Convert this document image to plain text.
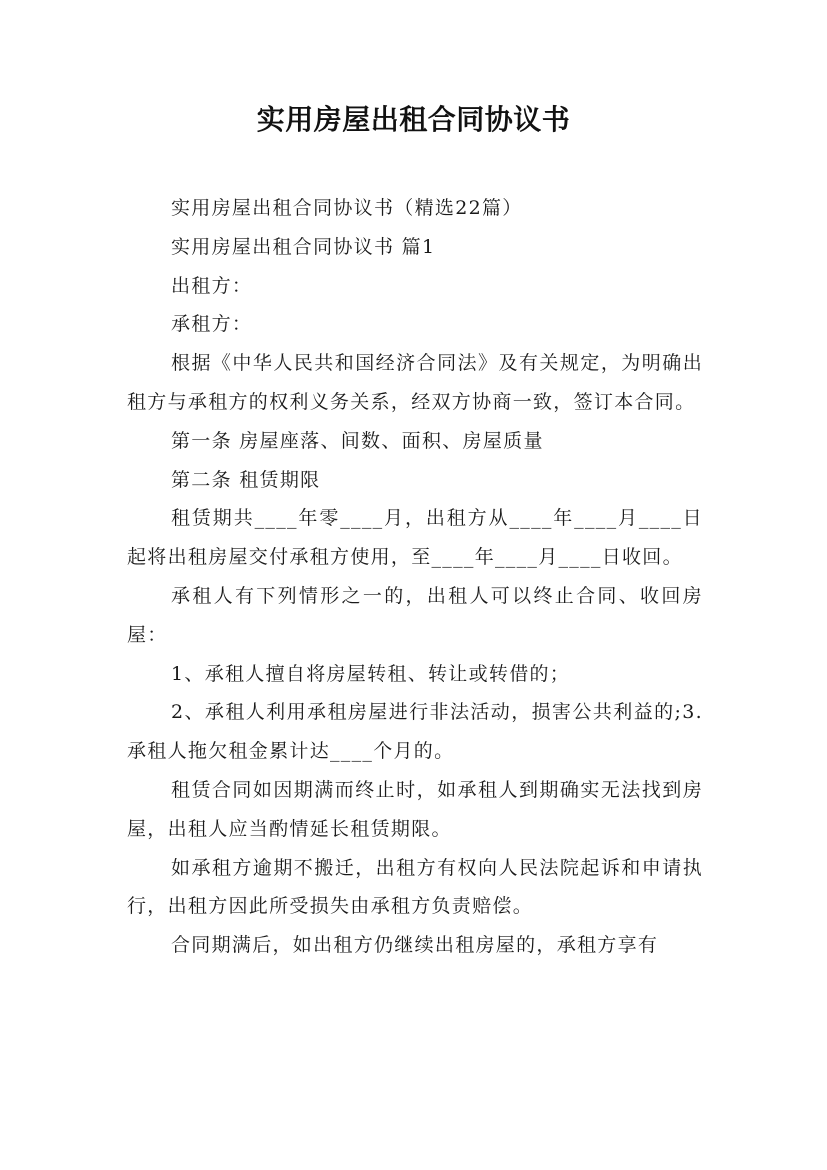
实用房屋出租合同协议书

实用房屋出租合同协议书（精选22篇）

实用房屋出租合同协议书 篇1

出租方：

承租方：

根据《中华人民共和国经济合同法》及有关规定，为明确出租方与承租方的权利义务关系，经双方协商一致，签订本合同。

第一条 房屋座落、间数、面积、房屋质量

第二条 租赁期限

租赁期共____年零____月，出租方从____年____月____日起将出租房屋交付承租方使用，至____年____月____日收回。

承租人有下列情形之一的，出租人可以终止合同、收回房屋：

1、承租人擅自将房屋转租、转让或转借的；

2、承租人利用承租房屋进行非法活动，损害公共利益的;3.承租人拖欠租金累计达____个月的。

租赁合同如因期满而终止时，如承租人到期确实无法找到房屋，出租人应当酌情延长租赁期限。

如承租方逾期不搬迁，出租方有权向人民法院起诉和申请执行，出租方因此所受损失由承租方负责赔偿。

合同期满后，如出租方仍继续出租房屋的，承租方享有
